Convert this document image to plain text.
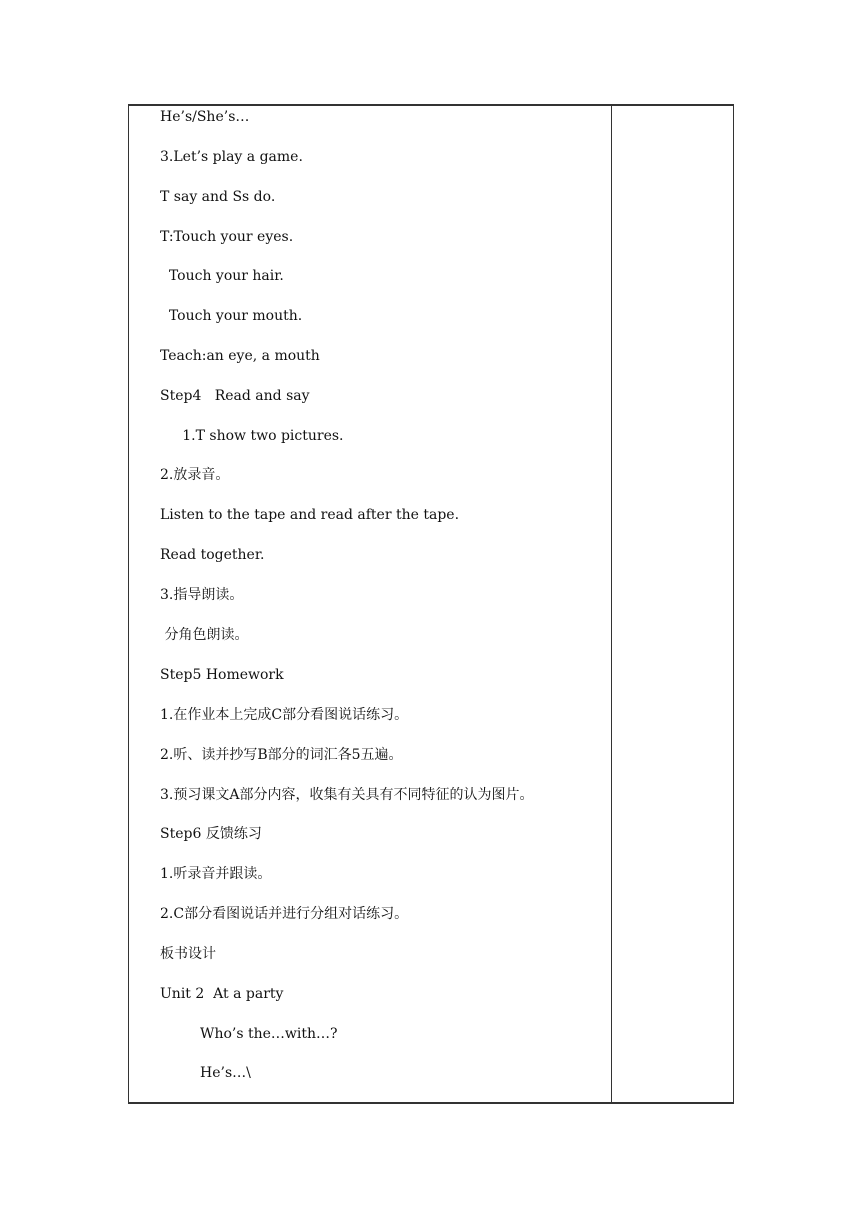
He’s/She’s…
3.Let’s play a game.
T say and Ss do.
T:Touch your eyes.
Touch your hair.
Touch your mouth.
Teach:an eye, a mouth
Step4   Read and say
1.T show two pictures.
2.放录音。
Listen to the tape and read after the tape.
Read together.
3.指导朗读。
分角色朗读。
Step5 Homework
1.在作业本上完成C部分看图说话练习。
2.听、读并抄写B部分的词汇各5五遍。
3.预习课文A部分内容，收集有关具有不同特征的认为图片。
Step6 反馈练习
1.听录音并跟读。
2.C部分看图说话并进行分组对话练习。
板书设计
Unit 2  At a party
Who’s the…with…?
He’s…\
